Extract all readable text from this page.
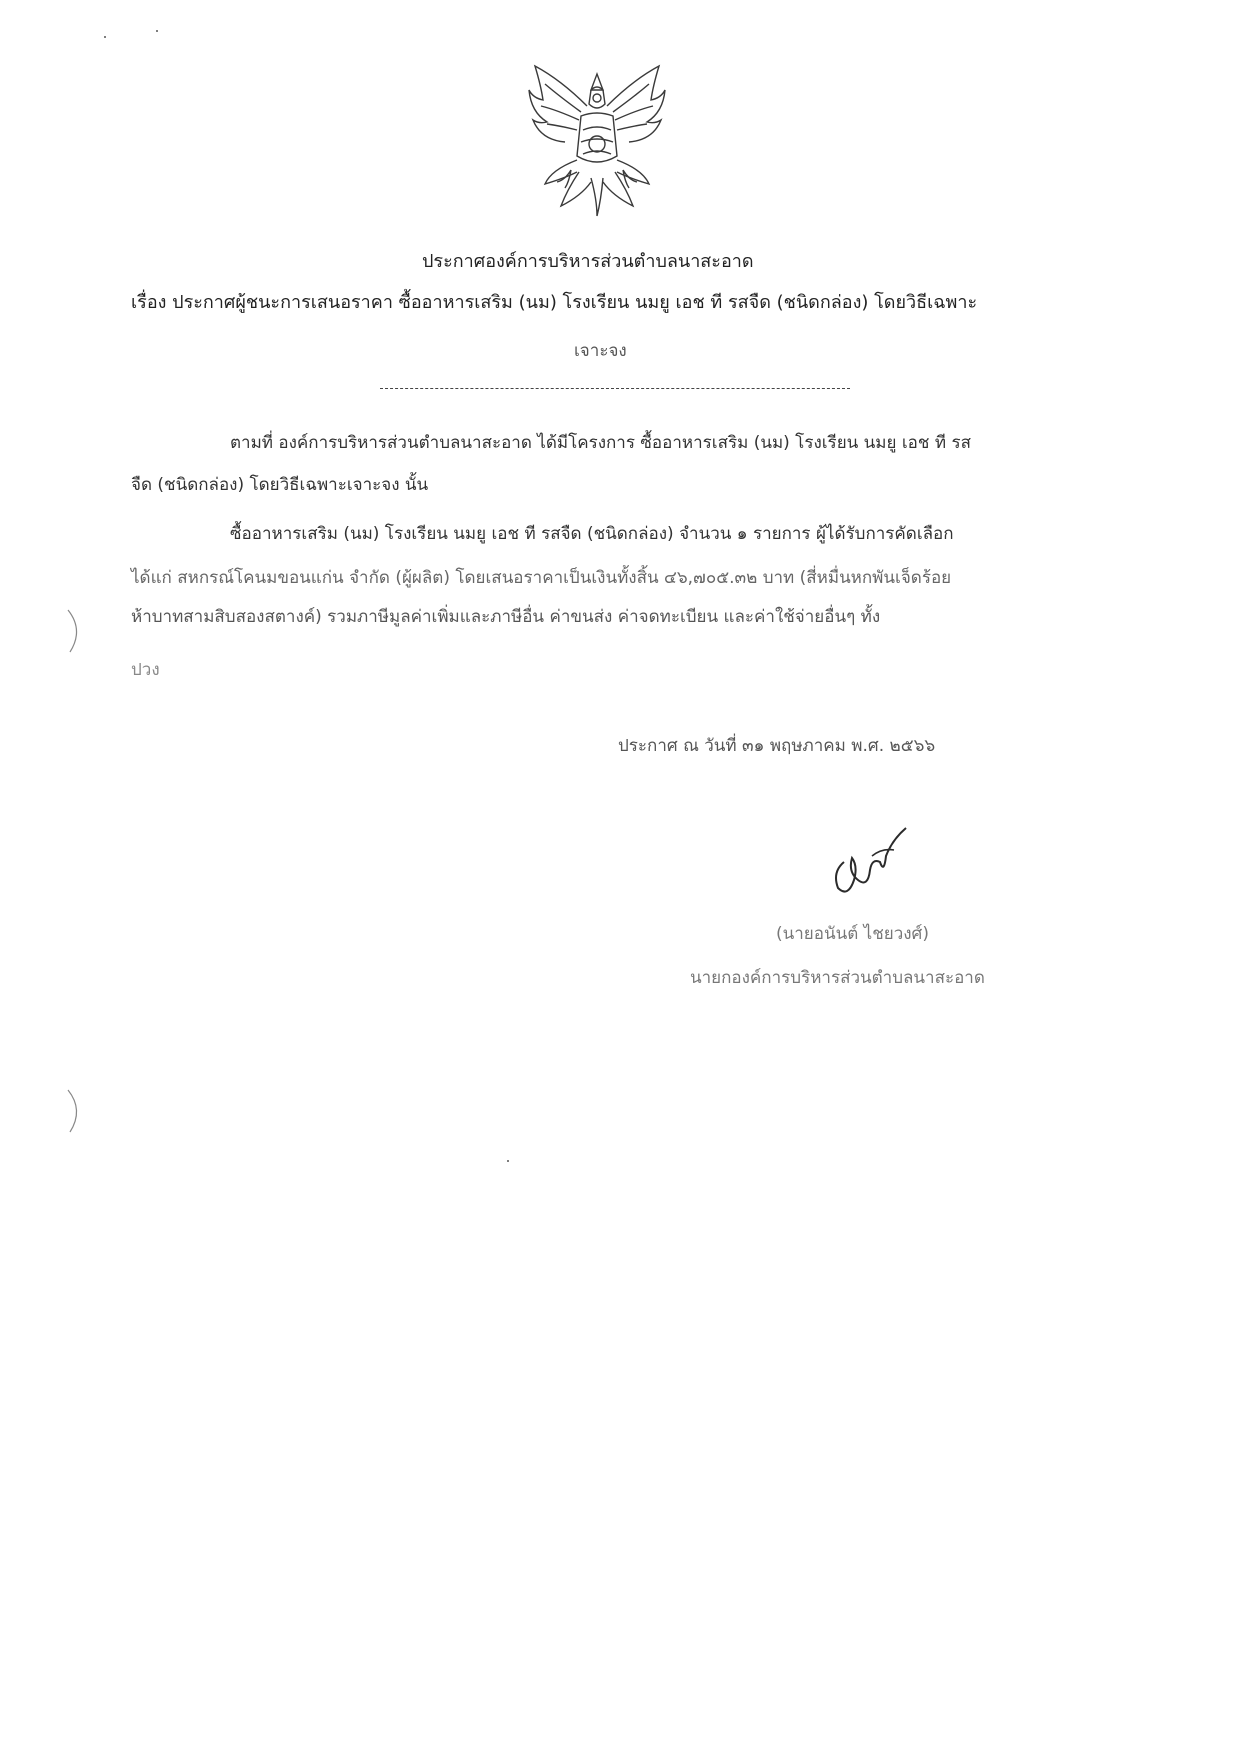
ประกาศองค์การบริหารส่วนตำบลนาสะอาด
เรื่อง ประกาศผู้ชนะการเสนอราคา ซื้ออาหารเสริม (นม) โรงเรียน นมยู เอช ที รสจืด (ชนิดกล่อง) โดยวิธีเฉพาะ
เจาะจง
ตามที่ องค์การบริหารส่วนตำบลนาสะอาด ได้มีโครงการ ซื้ออาหารเสริม (นม) โรงเรียน นมยู เอช ที รส
จืด (ชนิดกล่อง) โดยวิธีเฉพาะเจาะจง นั้น
ซื้ออาหารเสริม (นม) โรงเรียน นมยู เอช ที รสจืด (ชนิดกล่อง) จำนวน ๑ รายการ ผู้ได้รับการคัดเลือก
ได้แก่ สหกรณ์โคนมขอนแก่น จำกัด (ผู้ผลิต) โดยเสนอราคาเป็นเงินทั้งสิ้น ๔๖,๗๐๕.๓๒ บาท (สี่หมื่นหกพันเจ็ดร้อย
ห้าบาทสามสิบสองสตางค์) รวมภาษีมูลค่าเพิ่มและภาษีอื่น ค่าขนส่ง ค่าจดทะเบียน และค่าใช้จ่ายอื่นๆ ทั้ง
ปวง
ประกาศ ณ วันที่ ๓๑ พฤษภาคม พ.ศ. ๒๕๖๖
(นายอนันต์ ไชยวงศ์)
นายกองค์การบริหารส่วนตำบลนาสะอาด
